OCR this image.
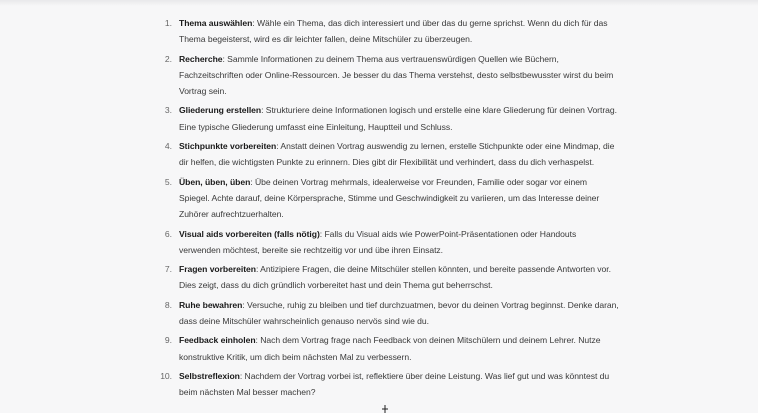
1. Thema auswählen: Wähle ein Thema, das dich interessiert und über das du gerne sprichst. Wenn du dich für das Thema begeisterst, wird es dir leichter fallen, deine Mitschüler zu überzeugen.
2. Recherche: Sammle Informationen zu deinem Thema aus vertrauenswürdigen Quellen wie Büchern, Fachzeitschriften oder Online-Ressourcen. Je besser du das Thema verstehst, desto selbstbewusster wirst du beim Vortrag sein.
3. Gliederung erstellen: Strukturiere deine Informationen logisch und erstelle eine klare Gliederung für deinen Vortrag. Eine typische Gliederung umfasst eine Einleitung, Hauptteil und Schluss.
4. Stichpunkte vorbereiten: Anstatt deinen Vortrag auswendig zu lernen, erstelle Stichpunkte oder eine Mindmap, die dir helfen, die wichtigsten Punkte zu erinnern. Dies gibt dir Flexibilität und verhindert, dass du dich verhaspelst.
5. Üben, üben, üben: Übe deinen Vortrag mehrmals, idealerweise vor Freunden, Familie oder sogar vor einem Spiegel. Achte darauf, deine Körpersprache, Stimme und Geschwindigkeit zu variieren, um das Interesse deiner Zuhörer aufrechtzuerhalten.
6. Visual aids vorbereiten (falls nötig): Falls du Visual aids wie PowerPoint-Präsentationen oder Handouts verwenden möchtest, bereite sie rechtzeitig vor und übe ihren Einsatz.
7. Fragen vorbereiten: Antizipiere Fragen, die deine Mitschüler stellen könnten, und bereite passende Antworten vor. Dies zeigt, dass du dich gründlich vorbereitet hast und dein Thema gut beherrschst.
8. Ruhe bewahren: Versuche, ruhig zu bleiben und tief durchzuatmen, bevor du deinen Vortrag beginnst. Denke daran, dass deine Mitschüler wahrscheinlich genauso nervös sind wie du.
9. Feedback einholen: Nach dem Vortrag frage nach Feedback von deinen Mitschülern und deinem Lehrer. Nutze konstruktive Kritik, um dich beim nächsten Mal zu verbessern.
10. Selbstreflexion: Nachdem der Vortrag vorbei ist, reflektiere über deine Leistung. Was lief gut und was könntest du beim nächsten Mal besser machen?
